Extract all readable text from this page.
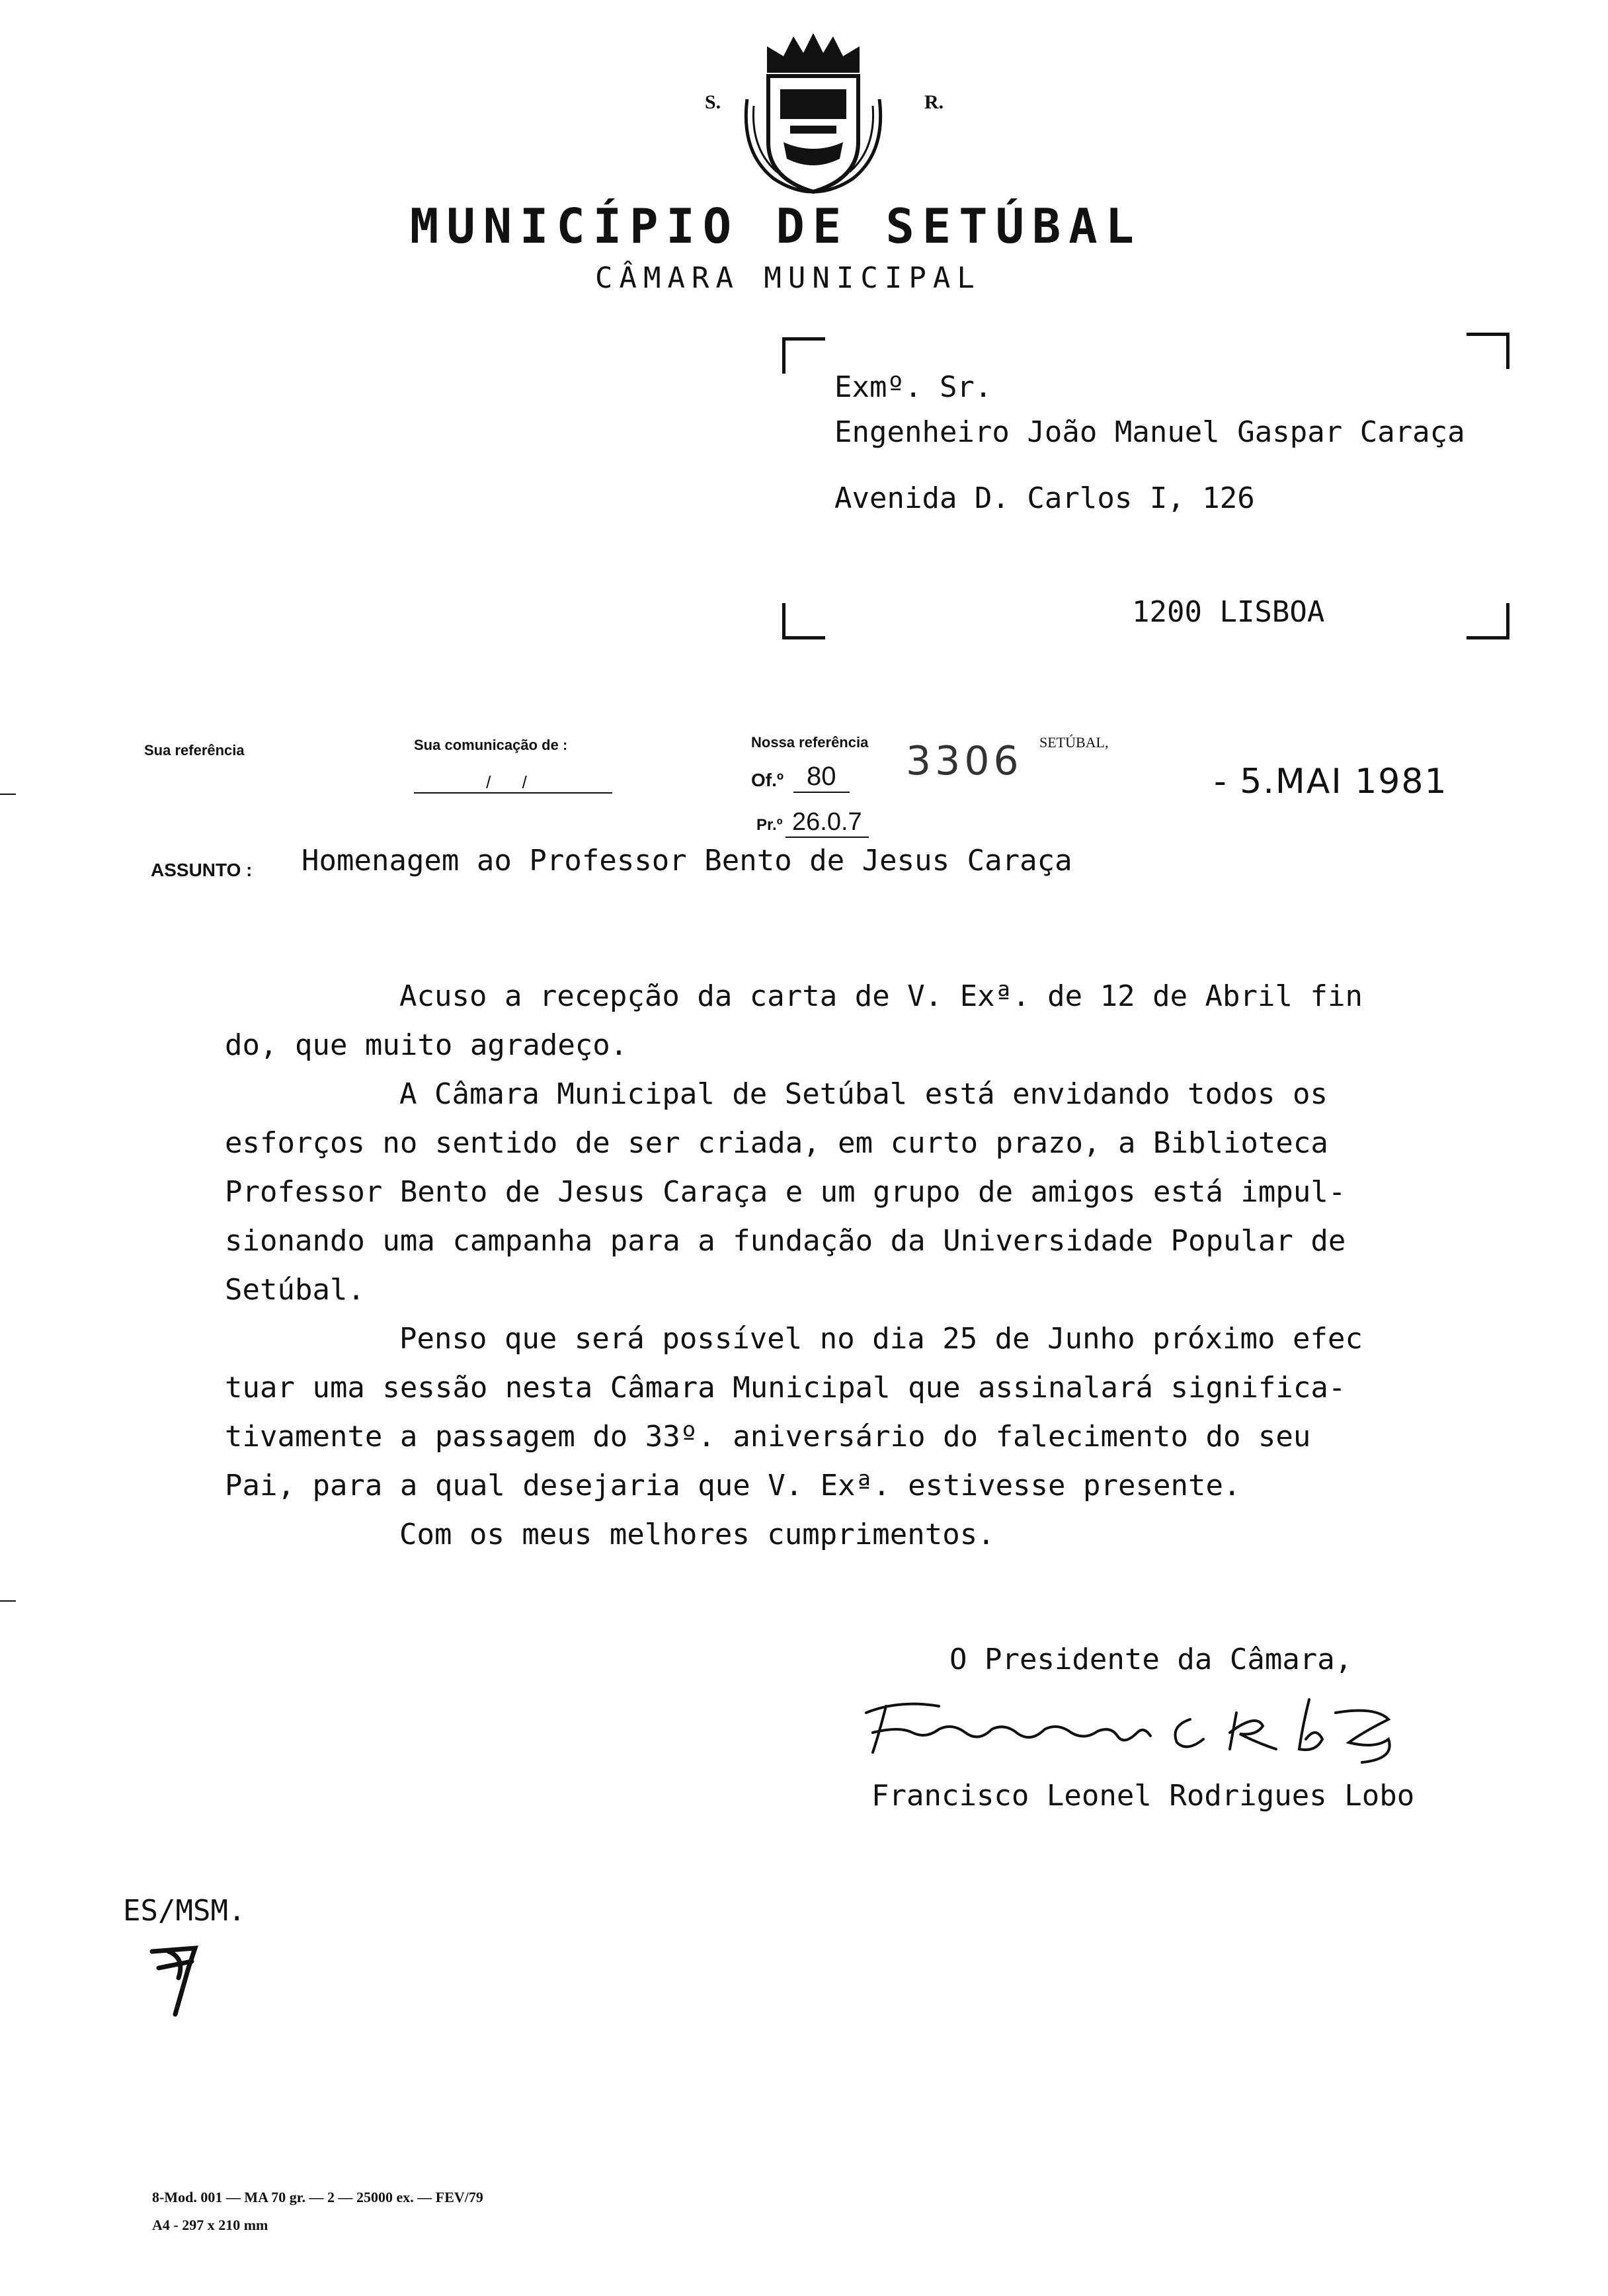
S.	R.
MUNICÍPIO DE SETÚBAL
CÂMARA MUNICIPAL
Exmº. Sr.
Engenheiro João Manuel Gaspar Caraça
Avenida D. Carlos I, 126
1200 LISBOA
Sua referência	Sua comunicação de :
/ /
Nossa referência
Of.º 80	3306 SETÚBAL,
- 5.MAI 1981
Pr.º 26.0.7
ASSUNTO : Homenagem ao Professor Bento de Jesus Caraça
Acuso a recepção da carta de V. Exª. de 12 de Abril fin
do, que muito agradeço.
A Câmara Municipal de Setúbal está envidando todos os
esforços no sentido de ser criada, em curto prazo, a Biblioteca
Professor Bento de Jesus Caraça e um grupo de amigos está impul-
sionando uma campanha para a fundação da Universidade Popular de
Setúbal.
Penso que será possível no dia 25 de Junho próximo efec
tuar uma sessão nesta Câmara Municipal que assinalará significa-
tivamente a passagem do 33º. aniversário do falecimento do seu
Pai, para a qual desejaria que V. Exª. estivesse presente.
Com os meus melhores cumprimentos.
O Presidente da Câmara,
Francisco Leonel Rodrigues Lobo
ES/MSM.
8-Mod. 001 — MA 70 gr. — 2 — 25000 ex. — FEV/79
A4 - 297 x 210 mm
